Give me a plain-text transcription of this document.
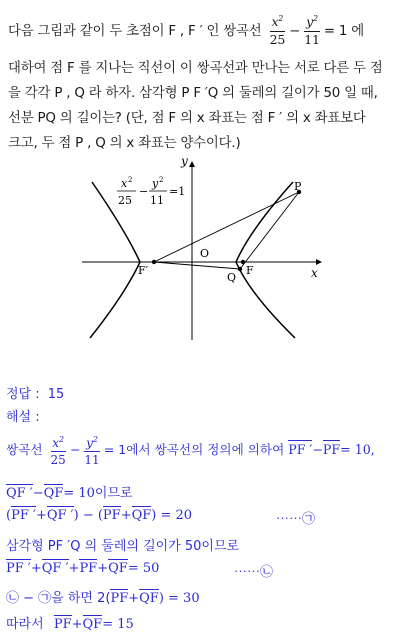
다음 그림과 같이 두 초점이 F , F ′ 인 쌍곡선 $\frac{x^2}{25} - \frac{y^2}{11} = 1$ 에
대하여 점 F 를 지나는 직선이 이 쌍곡선과 만나는 서로 다른 두 점
을 각각 P , Q 라 하자. 삼각형 P F ′Q 의 둘레의 길이가 50 일 때,
선분 PQ 의 길이는? (단, 점 F 의 x 좌표는 점 F ′ 의 x 좌표보다
크고, 두 점 P , Q 의 x 좌표는 양수이다.)
y
x
O
F
F′
P
Q
x 2
25
−
y 2
11
=1
정답 : 15
해설 :
쌍곡선 $\frac{x^2}{25} - \frac{y^2}{11} = 1$에서 쌍곡선의 정의에 의하여 PF ′−PF= 10,
QF ′−QF= 10이므로
(PF ′+QF ′) − (PF+QF) = 20	⋯⋯㉠
삼각형 PF ′Q 의 둘레의 길이가 50이므로
PF ′+QF ′+PF+QF= 50	⋯⋯㉡
㉡ − ㉠을 하면 2(PF+QF) = 30
따라서 PF+QF= 15
